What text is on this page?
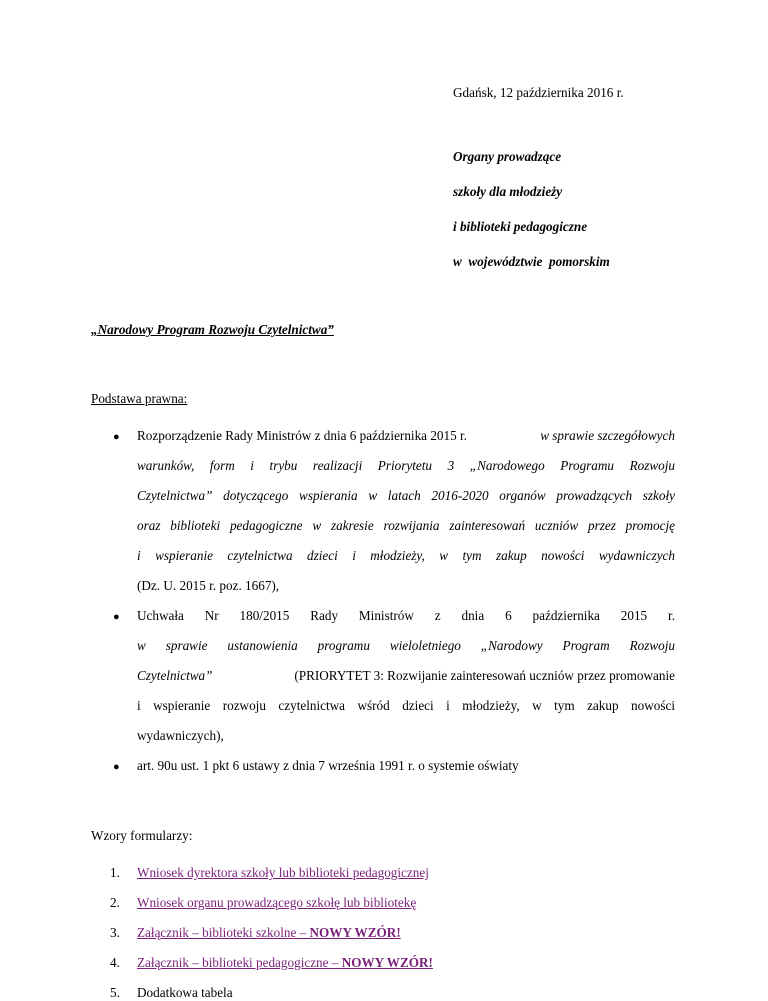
Gdańsk, 12 października 2016 r.
Organy prowadzące
szkoły dla młodzieży
i biblioteki pedagogiczne
w  województwie  pomorskim
„Narodowy Program Rozwoju Czytelnictwa”
Podstawa prawna:
● Rozporządzenie Rady Ministrów z dnia 6 października 2015 r.	w sprawie szczegółowych
warunków, form i trybu realizacji Priorytetu 3 „Narodowego Programu Rozwoju
Czytelnictwa” dotyczącego wspierania w latach 2016-2020 organów prowadzących szkoły
oraz biblioteki pedagogiczne w zakresie rozwijania zainteresowań uczniów przez promocję
i wspieranie czytelnictwa dzieci i młodzieży, w tym zakup nowości wydawniczych
(Dz. U. 2015 r. poz. 1667),
● Uchwała Nr 180/2015 Rady Ministrów z dnia 6 października 2015 r.
w sprawie ustanowienia programu wieloletniego „Narodowy Program Rozwoju
Czytelnictwa”	(PRIORYTET 3: Rozwijanie zainteresowań uczniów przez promowanie
i wspieranie rozwoju czytelnictwa wśród dzieci i młodzieży, w tym zakup nowości
wydawniczych),
● art. 90u ust. 1 pkt 6 ustawy z dnia 7 września 1991 r. o systemie oświaty
Wzory formularzy:
1. Wniosek dyrektora szkoły lub biblioteki pedagogicznej
2. Wniosek organu prowadzącego szkołę lub bibliotekę
3. Załącznik – biblioteki szkolne – NOWY WZÓR!
4. Załącznik – biblioteki pedagogiczne – NOWY WZÓR!
5. Dodatkowa tabela
